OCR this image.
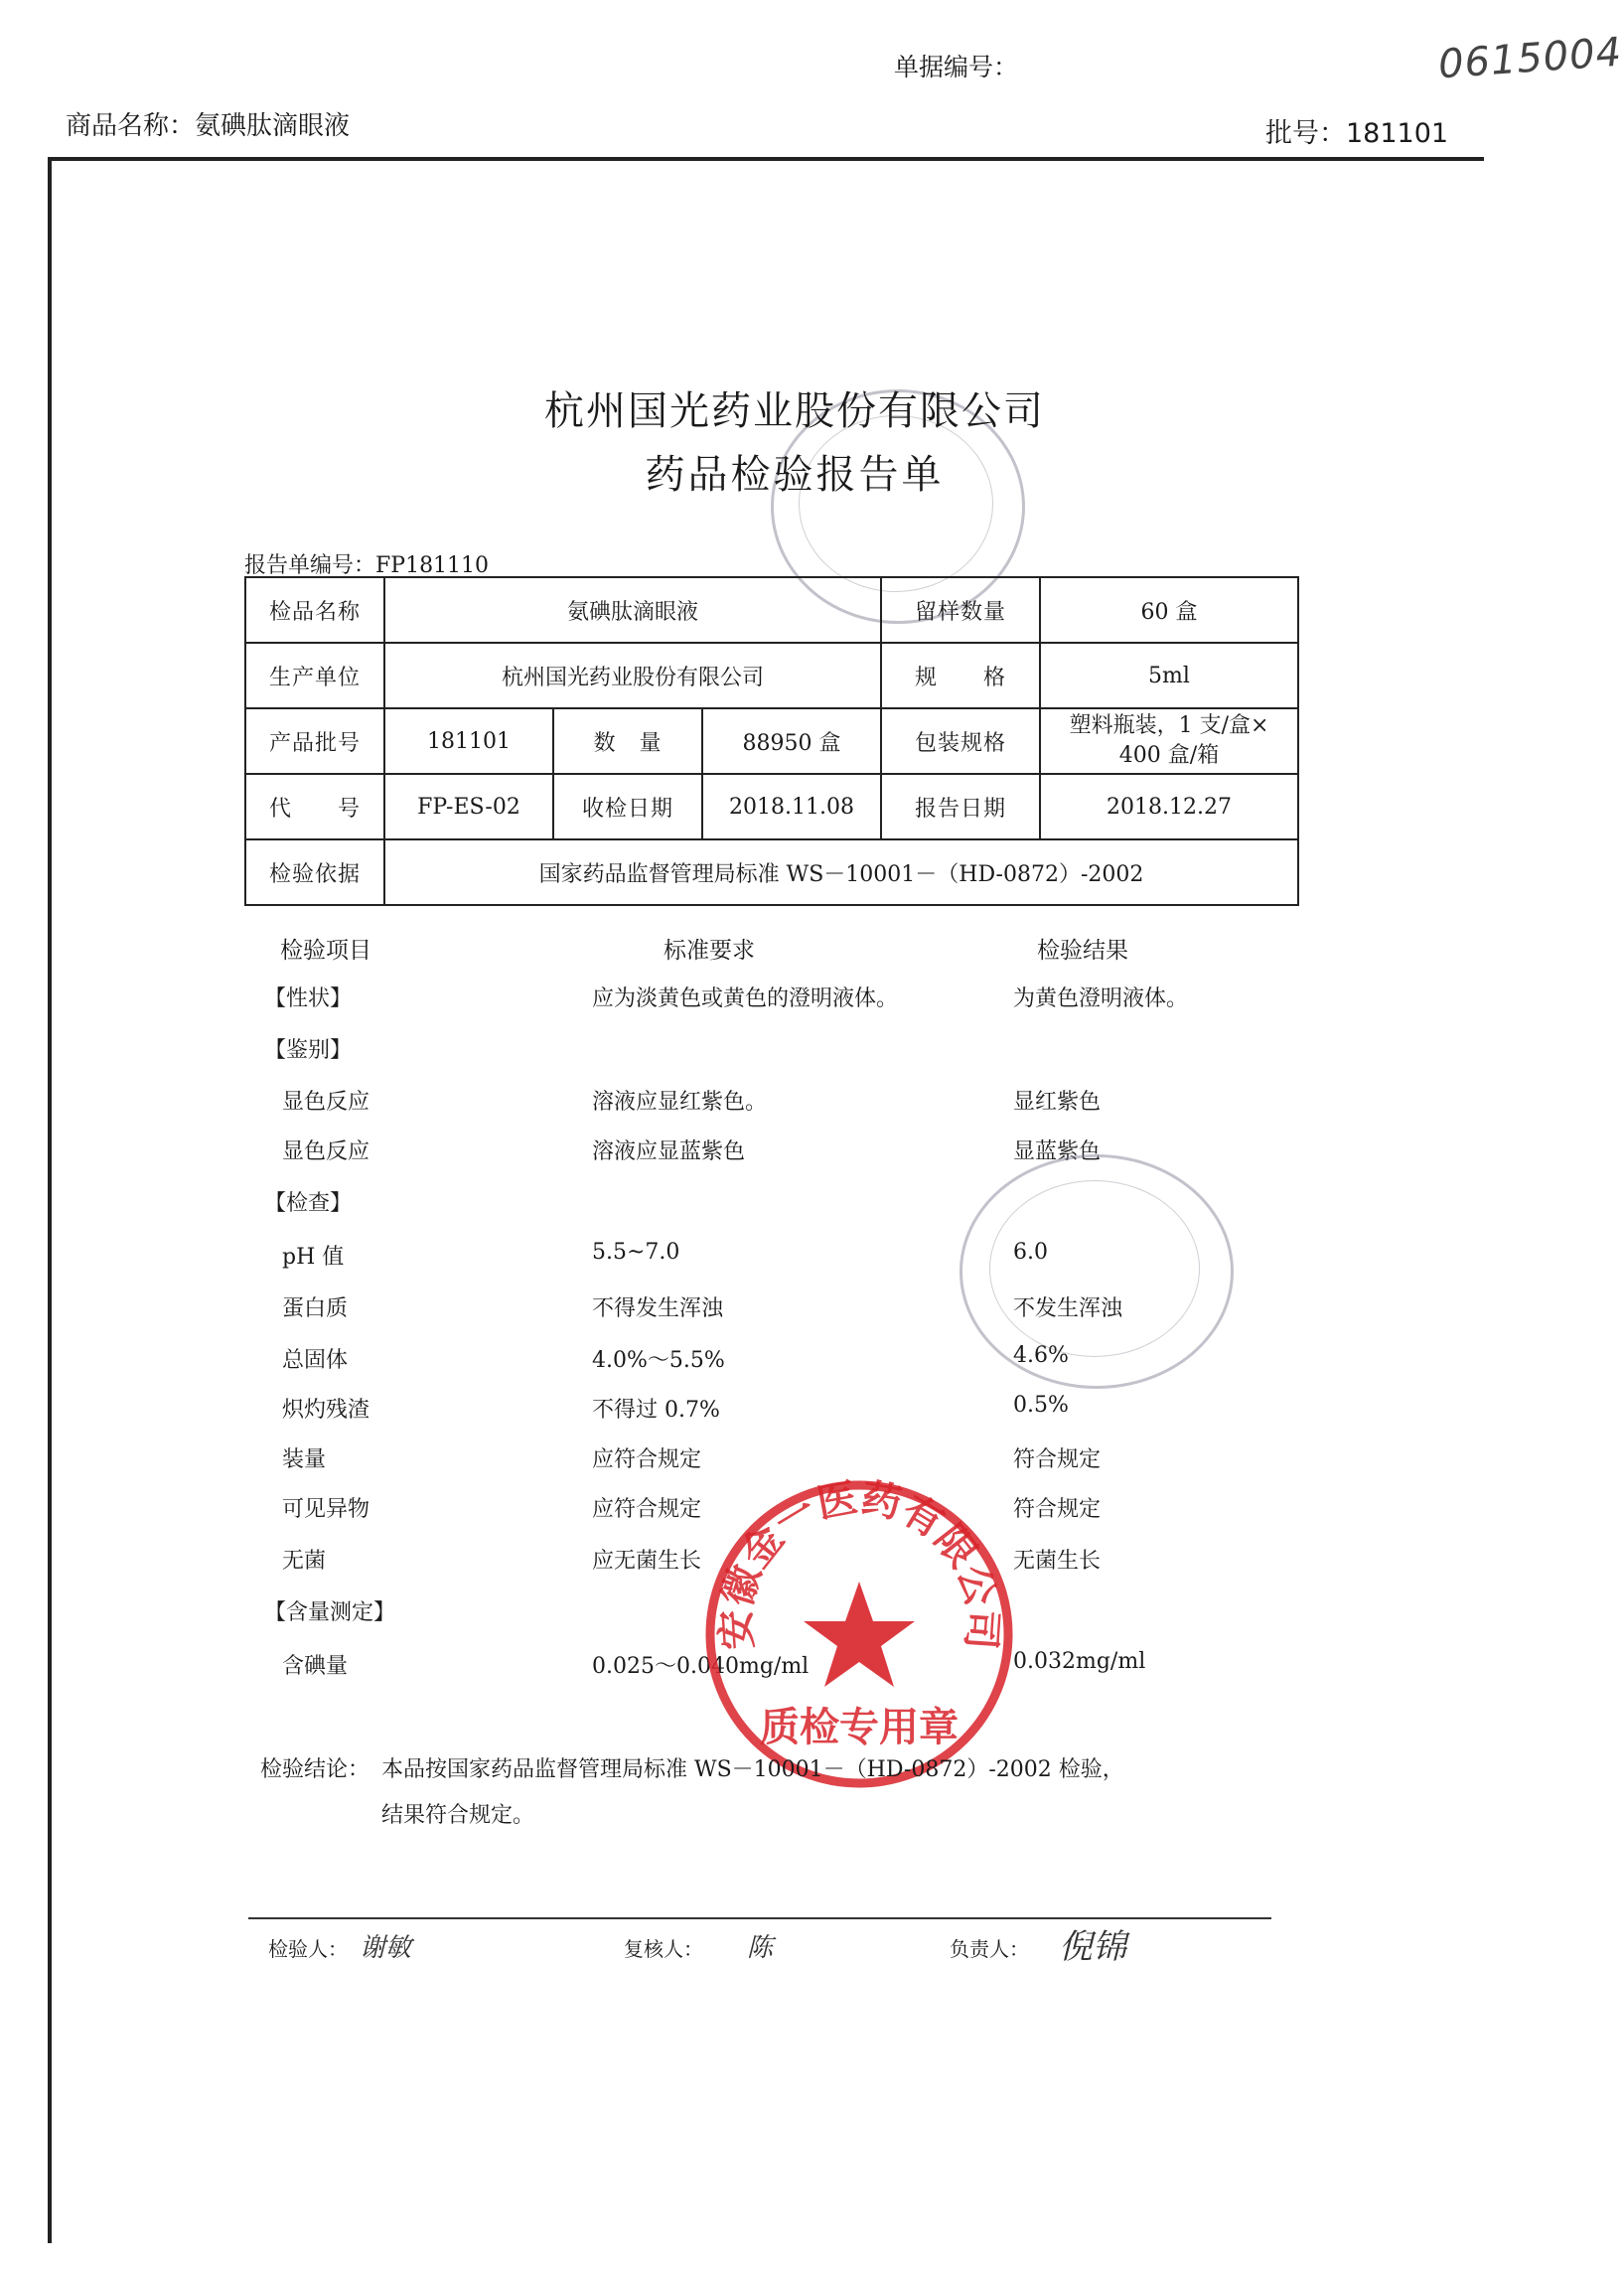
单据编号：	0615004
商品名称：氨碘肽滴眼液	批号：181101
杭州国光药业股份有限公司
药品检验报告单
报告单编号：FP181110
检品名称	氨碘肽滴眼液			留样数量	60 盒
生产单位	杭州国光药业股份有限公司			规　　格	5ml
产品批号	181101	数　量	88950 盒	包装规格	塑料瓶装，1 支/盒×
400 盒/箱

代　　号	FP-ES-02	收检日期	2018.11.08	报告日期	2018.12.27
检验依据	国家药品监督管理局标准 WS－10001－（HD-0872）-2002				
检验项目	标准要求	检验结果
【性状】	应为淡黄色或黄色的澄明液体。	为黄色澄明液体。
【鉴别】
显色反应	溶液应显红紫色。	显红紫色
显色反应	溶液应显蓝紫色	显蓝紫色
【检查】
pH 值	5.5~7.0	6.0
蛋白质	不得发生浑浊	不发生浑浊
总固体	4.0%～5.5%	4.6%
炽灼残渣	不得过 0.7%	0.5%
装量	应符合规定	符合规定
可见异物	应符合规定	符合规定
无菌	应无菌生长	无菌生长
【含量测定】
含碘量	0.025～0.040mg/ml	0.032mg/ml
安徽金一医药有限公司
质检专用章
检验结论： 本品按国家药品监督管理局标准 WS－10001－（HD-0872）-2002 检验，
结果符合规定。
检验人： 谢敏	复核人： 陈	负责人： 倪锦
